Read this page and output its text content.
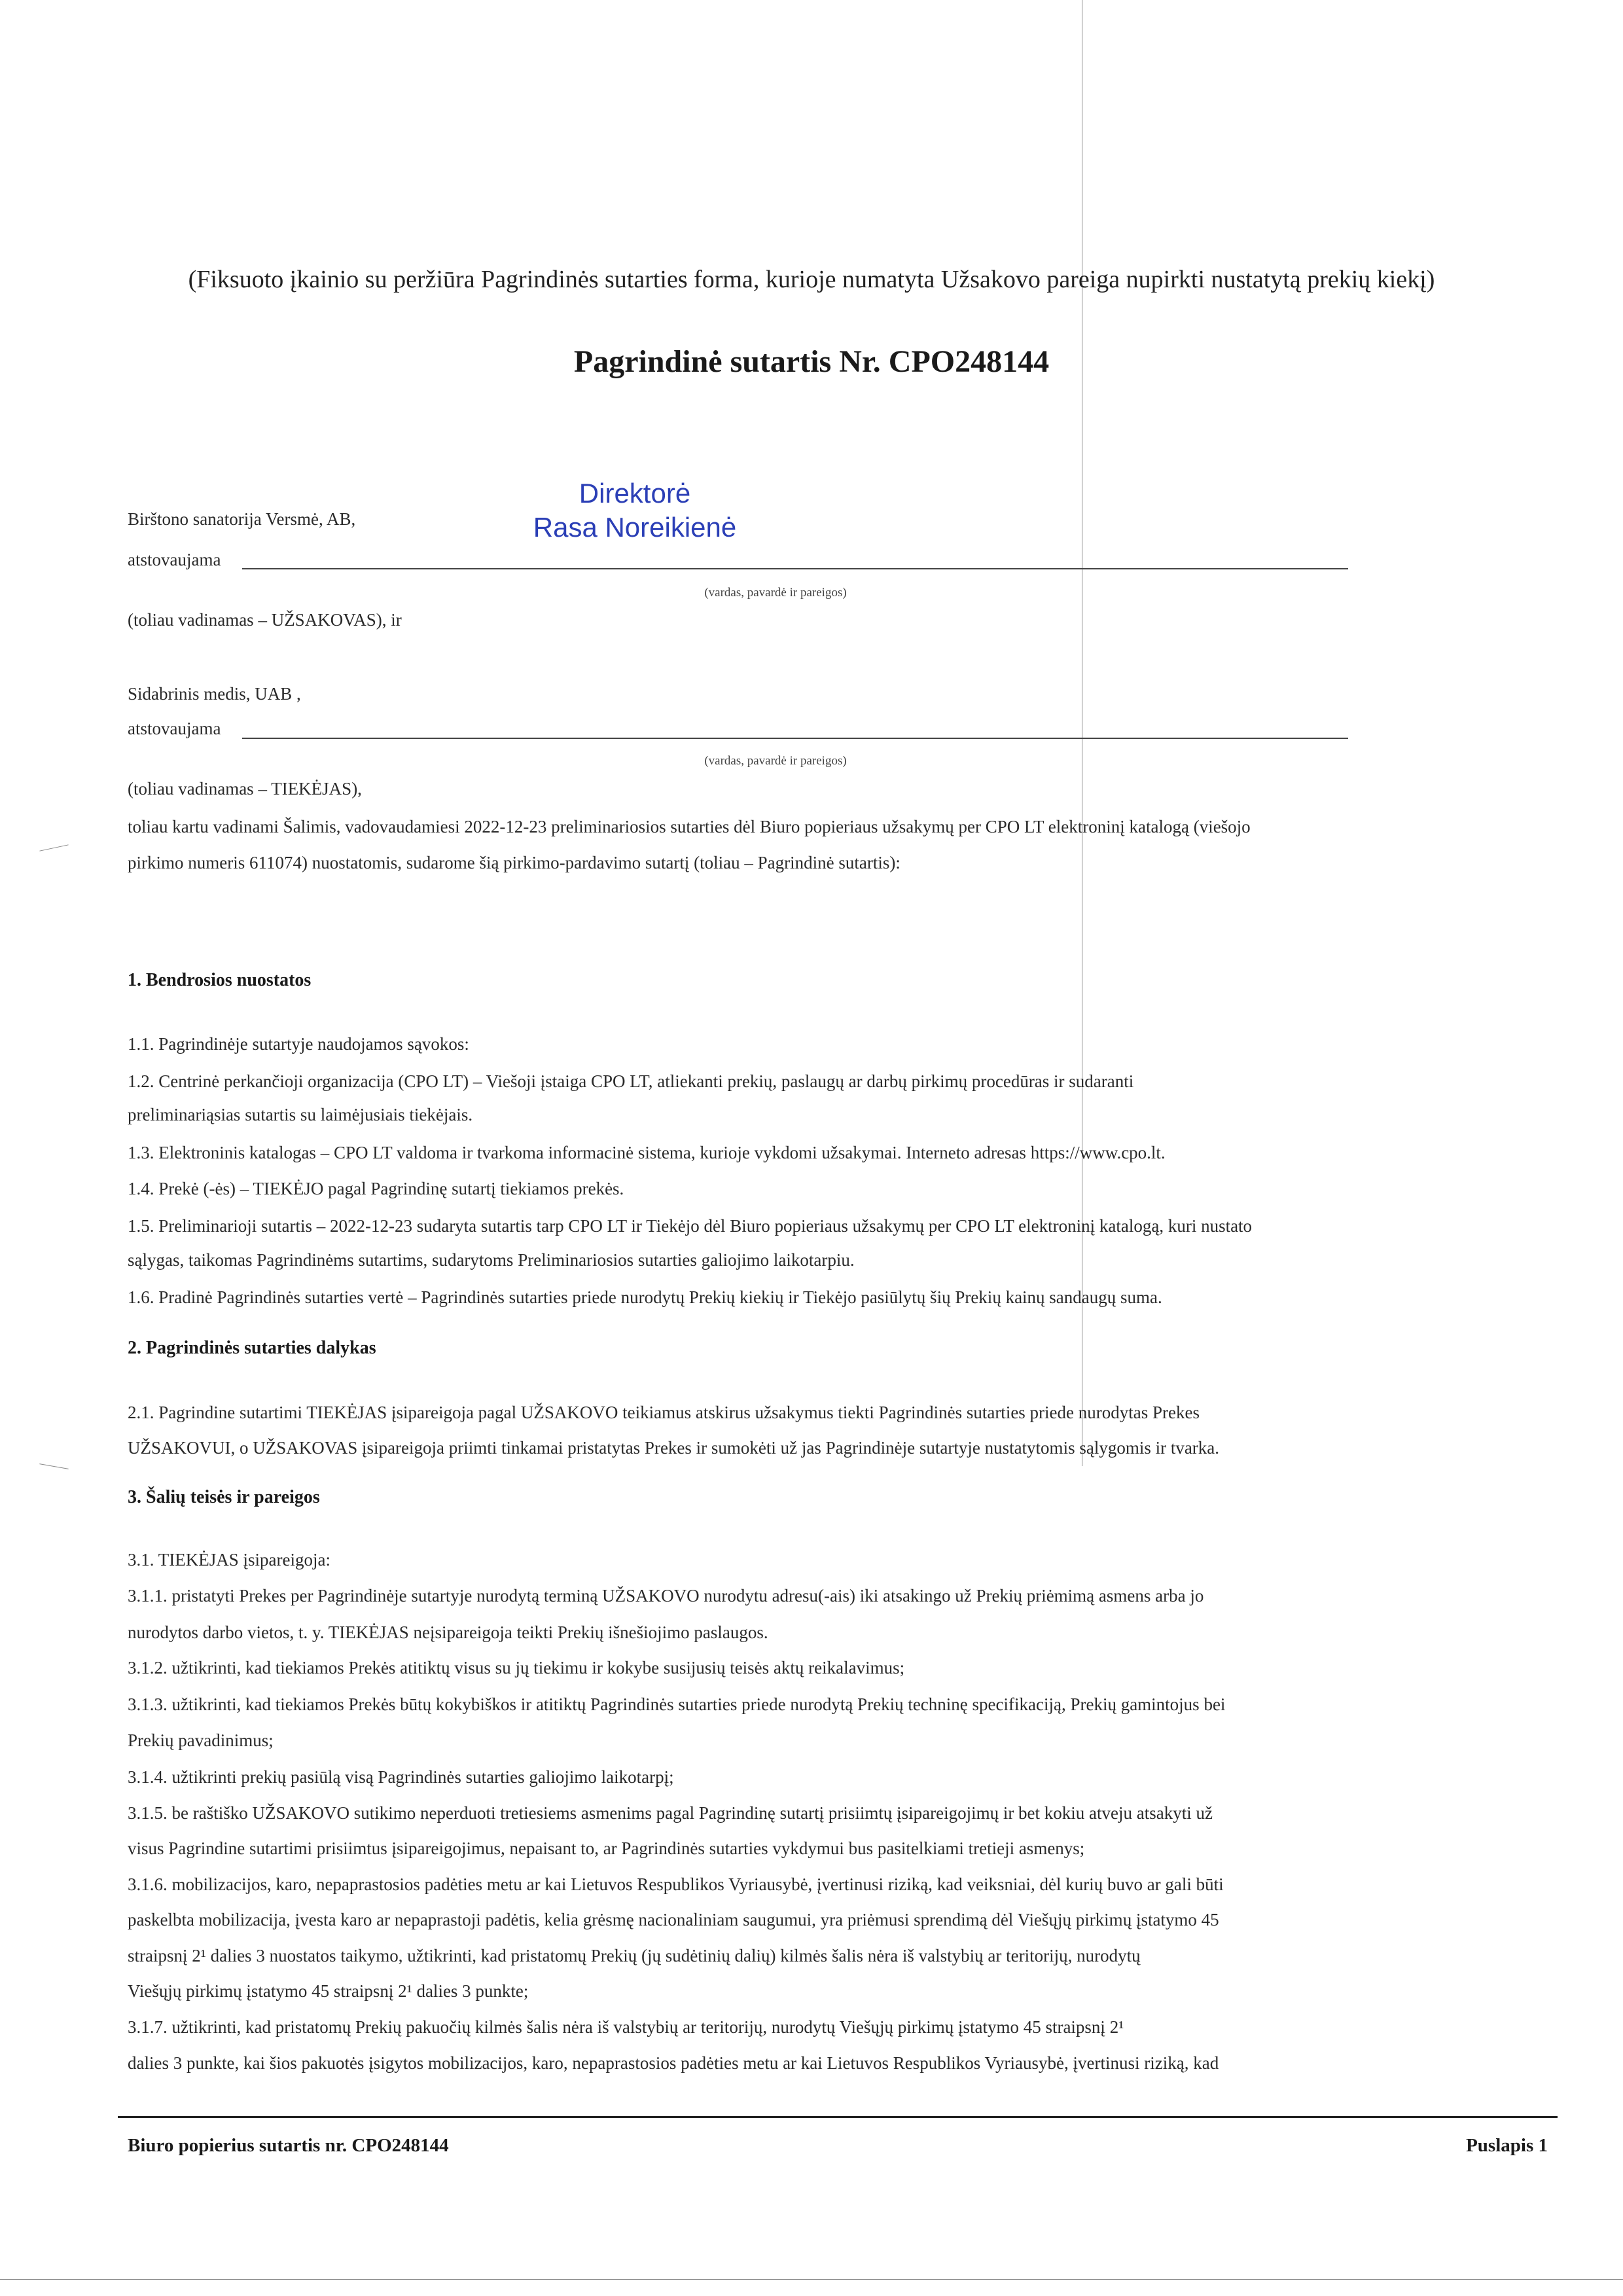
(Fiksuoto įkainio su peržiūra Pagrindinės sutarties forma, kurioje numatyta Užsakovo pareiga nupirkti nustatytą prekių kiekį)
Pagrindinė sutartis Nr. CPO248144
Direktorė
Rasa Noreikienė
Birštono sanatorija Versmė, AB,
atstovaujama
(vardas, pavardė ir pareigos)
(toliau vadinamas – UŽSAKOVAS), ir
Sidabrinis medis, UAB ,
atstovaujama
(vardas, pavardė ir pareigos)
(toliau vadinamas – TIEKĖJAS),
toliau kartu vadinami Šalimis, vadovaudamiesi 2022-12-23 preliminariosios sutarties dėl Biuro popieriaus užsakymų per CPO LT elektroninį katalogą (viešojo
pirkimo numeris 611074) nuostatomis, sudarome šią pirkimo-pardavimo sutartį (toliau – Pagrindinė sutartis):
1. Bendrosios nuostatos
1.1. Pagrindinėje sutartyje naudojamos sąvokos:
1.2. Centrinė perkančioji organizacija (CPO LT) – Viešoji įstaiga CPO LT, atliekanti prekių, paslaugų ar darbų pirkimų procedūras ir sudaranti
preliminariąsias sutartis su laimėjusiais tiekėjais.
1.3. Elektroninis katalogas – CPO LT valdoma ir tvarkoma informacinė sistema, kurioje vykdomi užsakymai. Interneto adresas https://www.cpo.lt.
1.4. Prekė (-ės) – TIEKĖJO pagal Pagrindinę sutartį tiekiamos prekės.
1.5. Preliminarioji sutartis – 2022-12-23 sudaryta sutartis tarp CPO LT ir Tiekėjo dėl Biuro popieriaus užsakymų per CPO LT elektroninį katalogą, kuri nustato
sąlygas, taikomas Pagrindinėms sutartims, sudarytoms Preliminariosios sutarties galiojimo laikotarpiu.
1.6. Pradinė Pagrindinės sutarties vertė – Pagrindinės sutarties priede nurodytų Prekių kiekių ir Tiekėjo pasiūlytų šių Prekių kainų sandaugų suma.
2. Pagrindinės sutarties dalykas
2.1. Pagrindine sutartimi TIEKĖJAS įsipareigoja pagal UŽSAKOVO teikiamus atskirus užsakymus tiekti Pagrindinės sutarties priede nurodytas Prekes
UŽSAKOVUI, o UŽSAKOVAS įsipareigoja priimti tinkamai pristatytas Prekes ir sumokėti už jas Pagrindinėje sutartyje nustatytomis sąlygomis ir tvarka.
3. Šalių teisės ir pareigos
3.1. TIEKĖJAS įsipareigoja:
3.1.1. pristatyti Prekes per Pagrindinėje sutartyje nurodytą terminą UŽSAKOVO nurodytu adresu(-ais) iki atsakingo už Prekių priėmimą asmens arba jo
nurodytos darbo vietos, t. y. TIEKĖJAS neįsipareigoja teikti Prekių išnešiojimo paslaugos.
3.1.2. užtikrinti, kad tiekiamos Prekės atitiktų visus su jų tiekimu ir kokybe susijusių teisės aktų reikalavimus;
3.1.3. užtikrinti, kad tiekiamos Prekės būtų kokybiškos ir atitiktų Pagrindinės sutarties priede nurodytą Prekių techninę specifikaciją, Prekių gamintojus bei
Prekių pavadinimus;
3.1.4. užtikrinti prekių pasiūlą visą Pagrindinės sutarties galiojimo laikotarpį;
3.1.5. be raštiško UŽSAKOVO sutikimo neperduoti tretiesiems asmenims pagal Pagrindinę sutartį prisiimtų įsipareigojimų ir bet kokiu atveju atsakyti už
visus Pagrindine sutartimi prisiimtus įsipareigojimus, nepaisant to, ar Pagrindinės sutarties vykdymui bus pasitelkiami tretieji asmenys;
3.1.6. mobilizacijos, karo, nepaprastosios padėties metu ar kai Lietuvos Respublikos Vyriausybė, įvertinusi riziką, kad veiksniai, dėl kurių buvo ar gali būti
paskelbta mobilizacija, įvesta karo ar nepaprastoji padėtis, kelia grėsmę nacionaliniam saugumui, yra priėmusi sprendimą dėl Viešųjų pirkimų įstatymo 45
straipsnį 2¹ dalies 3 nuostatos taikymo, užtikrinti, kad pristatomų Prekių (jų sudėtinių dalių) kilmės šalis nėra iš valstybių ar teritorijų, nurodytų
Viešųjų pirkimų įstatymo 45 straipsnį 2¹ dalies 3 punkte;
3.1.7. užtikrinti, kad pristatomų Prekių pakuočių kilmės šalis nėra iš valstybių ar teritorijų, nurodytų Viešųjų pirkimų įstatymo 45 straipsnį 2¹
dalies 3 punkte, kai šios pakuotės įsigytos mobilizacijos, karo, nepaprastosios padėties metu ar kai Lietuvos Respublikos Vyriausybė, įvertinusi riziką, kad
Biuro popierius sutartis nr. CPO248144	Puslapis 1
